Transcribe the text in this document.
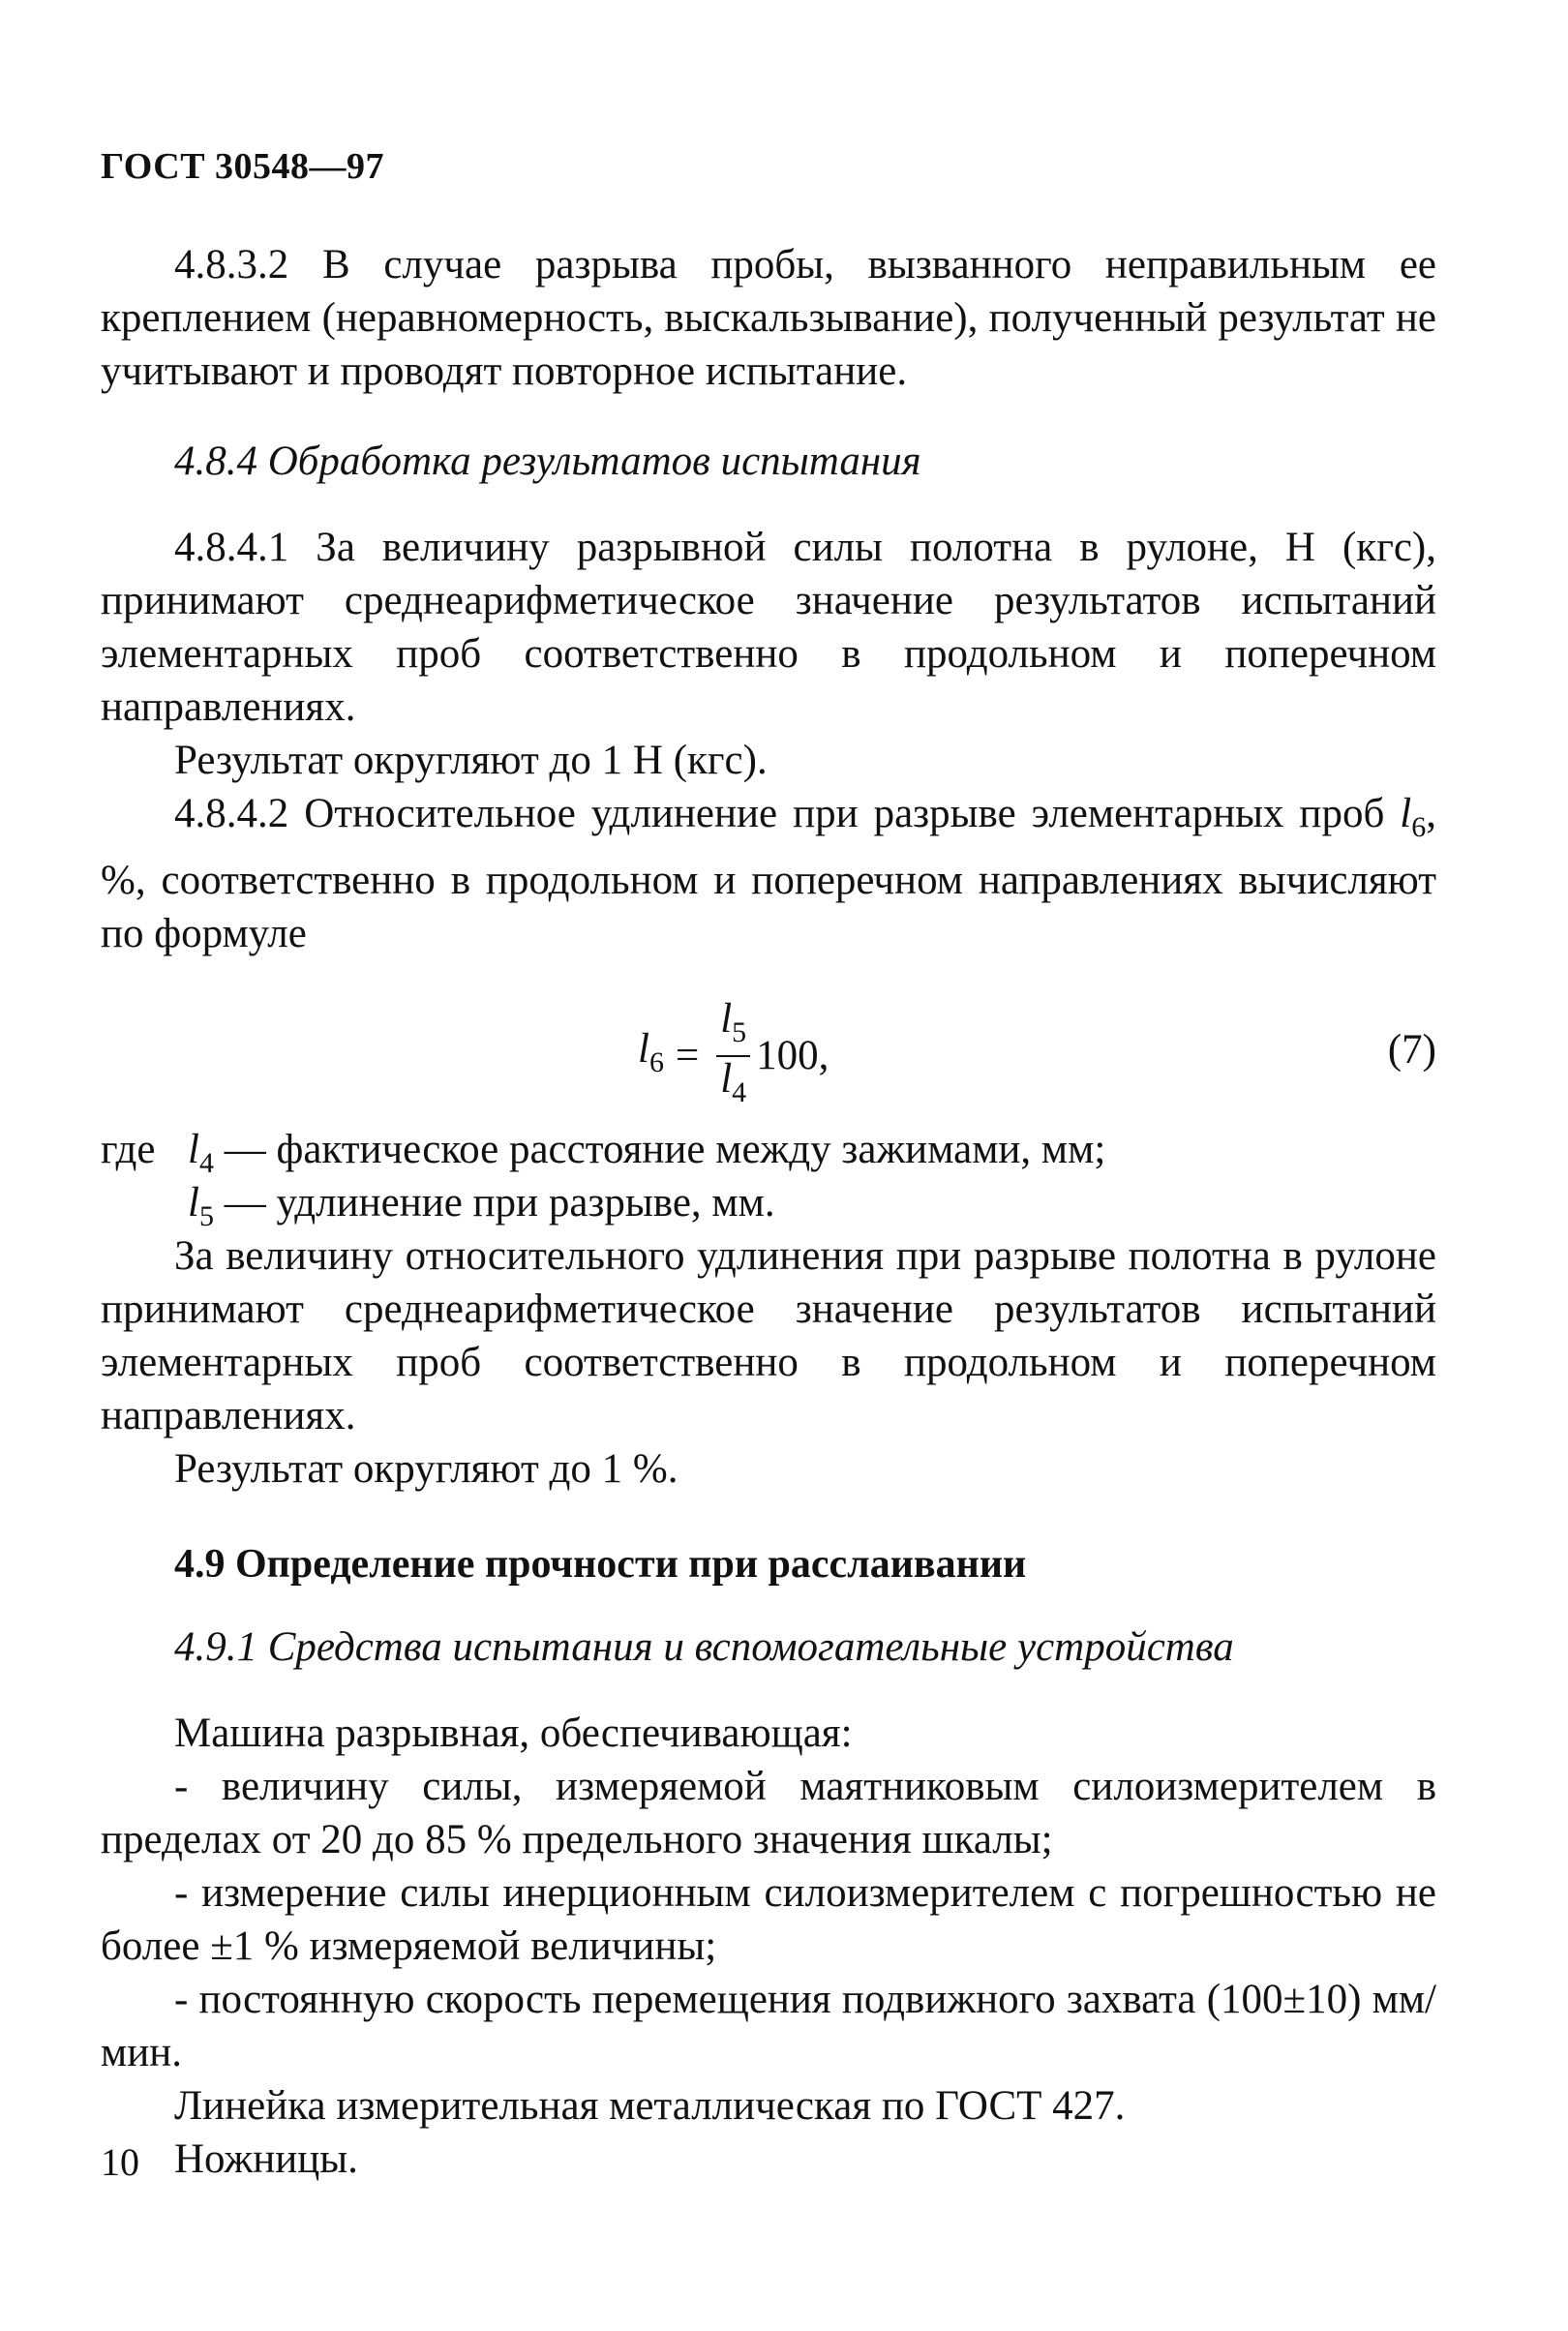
ГОСТ 30548—97

4.8.3.2 В случае разрыва пробы, вызванного неправильным ее креплением (неравномерность, выскальзывание), полученный результат не учитывают и проводят повторное испытание.

4.8.4 Обработка результатов испытания

4.8.4.1 За величину разрывной силы полотна в рулоне, Н (кгс), принимают среднеарифметическое значение результатов испытаний элементарных проб соответственно в продольном и поперечном направлениях.

Результат округляют до 1 Н (кгс).

4.8.4.2 Относительное удлинение при разрыве элементарных проб $l_6$, %, соответственно в продольном и поперечном направлениях вычисляют по формуле

$l_6 = \frac{l_5}{l_4} 100$,	(7)
где $l_4$ — фактическое расстояние между зажимами, мм;
$l_5$ — удлинение при разрыве, мм.

За величину относительного удлинения при разрыве полотна в рулоне принимают среднеарифметическое значение результатов испытаний элементарных проб соответственно в продольном и поперечном направлениях.

Результат округляют до 1 %.

4.9 Определение прочности при расслаивании
4.9.1 Средства испытания и вспомогательные устройства

Машина разрывная, обеспечивающая:

- величину силы, измеряемой маятниковым силоизмерителем в пределах от 20 до 85 % предельного значения шкалы;

- измерение силы инерционным силоизмерителем с погрешностью не более ±1 % измеряемой величины;

- постоянную скорость перемещения подвижного захвата (100±10) мм/мин.

Линейка измерительная металлическая по ГОСТ 427.

Ножницы.

10
